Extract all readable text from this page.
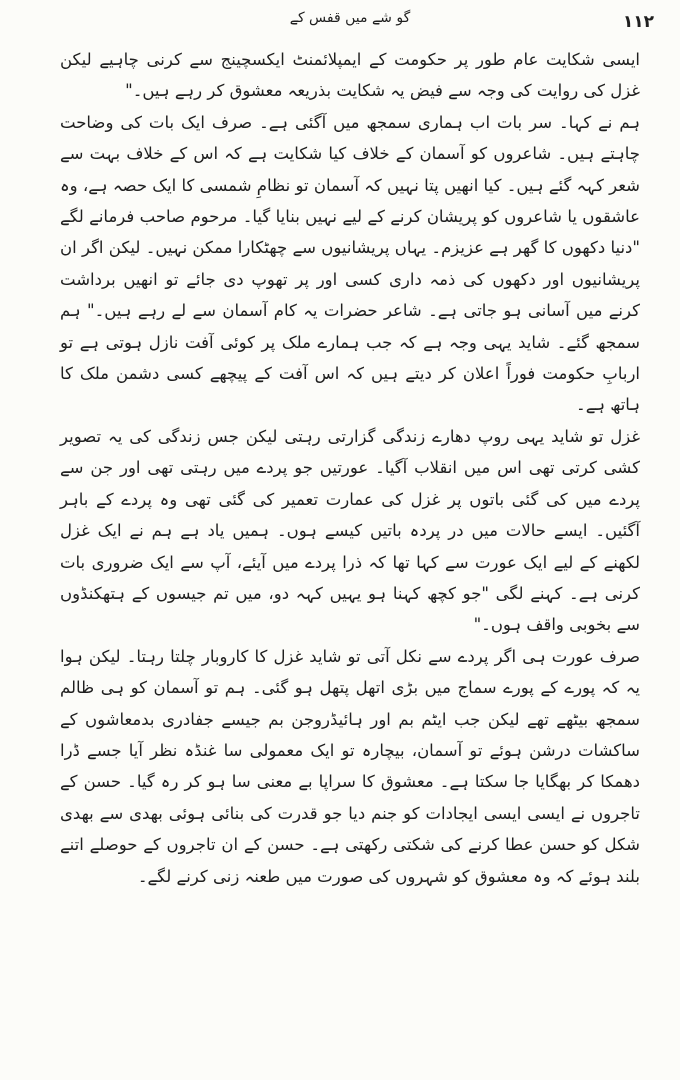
گو شے میں قفس کے	۱۱۲

ایسی شکایت عام طور پر حکومت کے ایمپلائمنٹ ایکسچینج سے کرنی چاہیے لیکن غزل کی روایت کی وجہ سے فیض یہ شکایت بذریعہ معشوق کر رہے ہیں۔"

ہم نے کہا۔ سر بات اب ہماری سمجھ میں آگئی ہے۔ صرف ایک بات کی وضاحت چاہتے ہیں۔ شاعروں کو آسمان کے خلاف کیا شکایت ہے کہ اس کے خلاف بہت سے شعر کہہ گئے ہیں۔ کیا انھیں پتا نہیں کہ آسمان تو نظامِ شمسی کا ایک حصہ ہے، وہ عاشقوں یا شاعروں کو پریشان کرنے کے لیے نہیں بنایا گیا۔ مرحوم صاحب فرمانے لگے "دنیا دکھوں کا گھر ہے عزیزم۔ یہاں پریشانیوں سے چھٹکارا ممکن نہیں۔ لیکن اگر ان پریشانیوں اور دکھوں کی ذمہ داری کسی اور پر تھوپ دی جائے تو انھیں برداشت کرنے میں آسانی ہو جاتی ہے۔ شاعر حضرات یہ کام آسمان سے لے رہے ہیں۔" ہم سمجھ گئے۔ شاید یہی وجہ ہے کہ جب ہمارے ملک پر کوئی آفت نازل ہوتی ہے تو اربابِ حکومت فوراً اعلان کر دیتے ہیں کہ اس آفت کے پیچھے کسی دشمن ملک کا ہاتھ ہے۔

غزل تو شاید یہی روپ دھارے زندگی گزارتی رہتی لیکن جس زندگی کی یہ تصویر کشی کرتی تھی اس میں انقلاب آگیا۔ عورتیں جو پردے میں رہتی تھی اور جن سے پردے میں کی گئی باتوں پر غزل کی عمارت تعمیر کی گئی تھی وہ پردے کے باہر آگئیں۔ ایسے حالات میں در پردہ باتیں کیسے ہوں۔ ہمیں یاد ہے ہم نے ایک غزل لکھنے کے لیے ایک عورت سے کہا تھا کہ ذرا پردے میں آیئے، آپ سے ایک ضروری بات کرنی ہے۔ کہنے لگی "جو کچھ کہنا ہو یہیں کہہ دو، میں تم جیسوں کے ہتھکنڈوں سے بخوبی واقف ہوں۔"

صرف عورت ہی اگر پردے سے نکل آتی تو شاید غزل کا کاروبار چلتا رہتا۔ لیکن ہوا یہ کہ پورے کے پورے سماج میں بڑی اتھل پتھل ہو گئی۔ ہم تو آسمان کو ہی ظالم سمجھ بیٹھے تھے لیکن جب ایٹم بم اور ہائیڈروجن بم جیسے جفادری بدمعاشوں کے ساکشات درشن ہوئے تو آسمان، بیچارہ تو ایک معمولی سا غنڈہ نظر آیا جسے ڈرا دھمکا کر بھگایا جا سکتا ہے۔ معشوق کا سراپا بے معنی سا ہو کر رہ گیا۔ حسن کے تاجروں نے ایسی ایسی ایجادات کو جنم دیا جو قدرت کی بنائی ہوئی بھدی سے بھدی شکل کو حسن عطا کرنے کی شکتی رکھتی ہے۔ حسن کے ان تاجروں کے حوصلے اتنے بلند ہوئے کہ وہ معشوق کو شہروں کی صورت میں طعنہ زنی کرنے لگے۔
